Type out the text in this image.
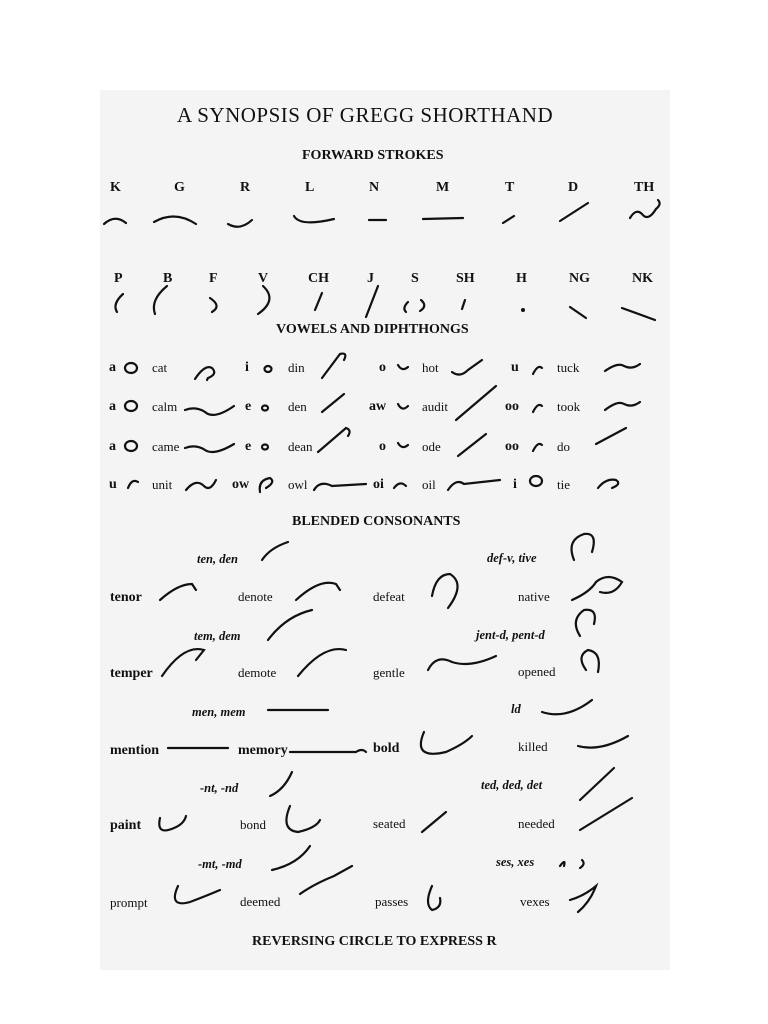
A SYNOPSIS OF GREGG SHORTHAND
FORWARD STROKES
K	G	R	L	N	M	T	D	TH
P	B	F	V	CH	J	S	SH	H	NG	NK
VOWELS AND DIPHTHONGS
a	cat	i	din	o	hot	u	tuck
a	calm	e	den	aw	audit	oo	took
a	came	e	dean	o	ode	oo	do
u	unit	ow	owl	oi	oil	i	tie
BLENDED CONSONANTS
ten, den	def-v, tive
tenor	denote	defeat	native
tem, dem	jent-d, pent-d
temper	demote	gentle	opened
men, mem	ld
mention	memory	bold	killed
-nt, -nd	ted, ded, det
paint	bond	seated	needed
-mt, -md	ses, xes
prompt	deemed	passes	vexes
REVERSING CIRCLE TO EXPRESS R
